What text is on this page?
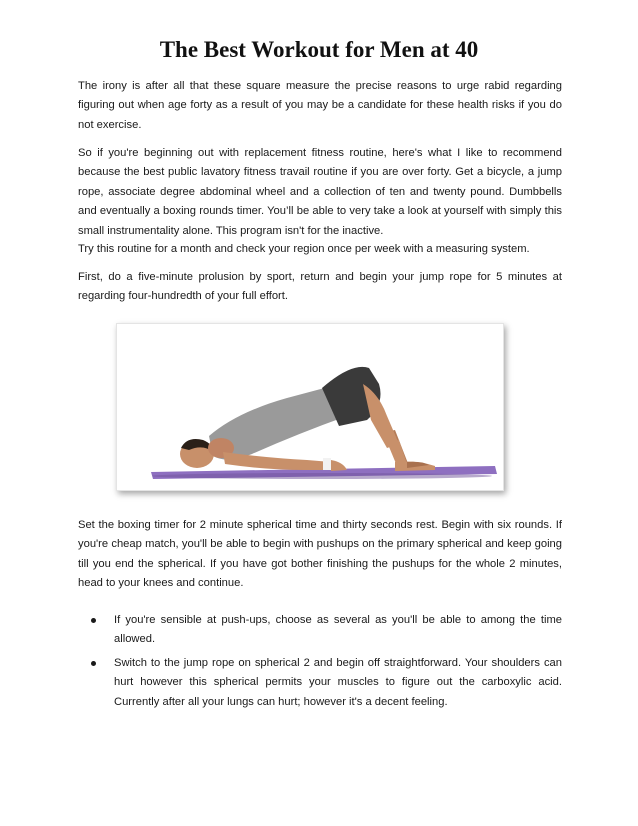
The Best Workout for Men at 40

The irony is after all that these square measure the precise reasons to urge rabid regarding figuring out when age forty as a result of you may be a candidate for these health risks if you do not exercise.

So if you're beginning out with replacement fitness routine, here's what I like to recommend because the best public lavatory fitness travail routine if you are over forty. Get a bicycle, a jump rope, associate degree abdominal wheel and a collection of ten and twenty pound. Dumbbells and eventually a boxing rounds timer. You’ll be able to very take a look at yourself with simply this small instrumentality alone. This program isn't for the inactive.

Try this routine for a month and check your region once per week with a measuring system.

First, do a five-minute prolusion by sport, return and begin your jump rope for 5 minutes at regarding four-hundredth of your full effort.

Set the boxing timer for 2 minute spherical time and thirty seconds rest. Begin with six rounds. If you're cheap match, you'll be able to begin with pushups on the primary spherical and keep going till you end the spherical. If you have got bother finishing the pushups for the whole 2 minutes, head to your knees and continue.

If you're sensible at push-ups, choose as several as you'll be able to among the time allowed.
Switch to the jump rope on spherical 2 and begin off straightforward. Your shoulders can hurt however this spherical permits your muscles to figure out the carboxylic acid. Currently after all your lungs can hurt; however it's a decent feeling.
